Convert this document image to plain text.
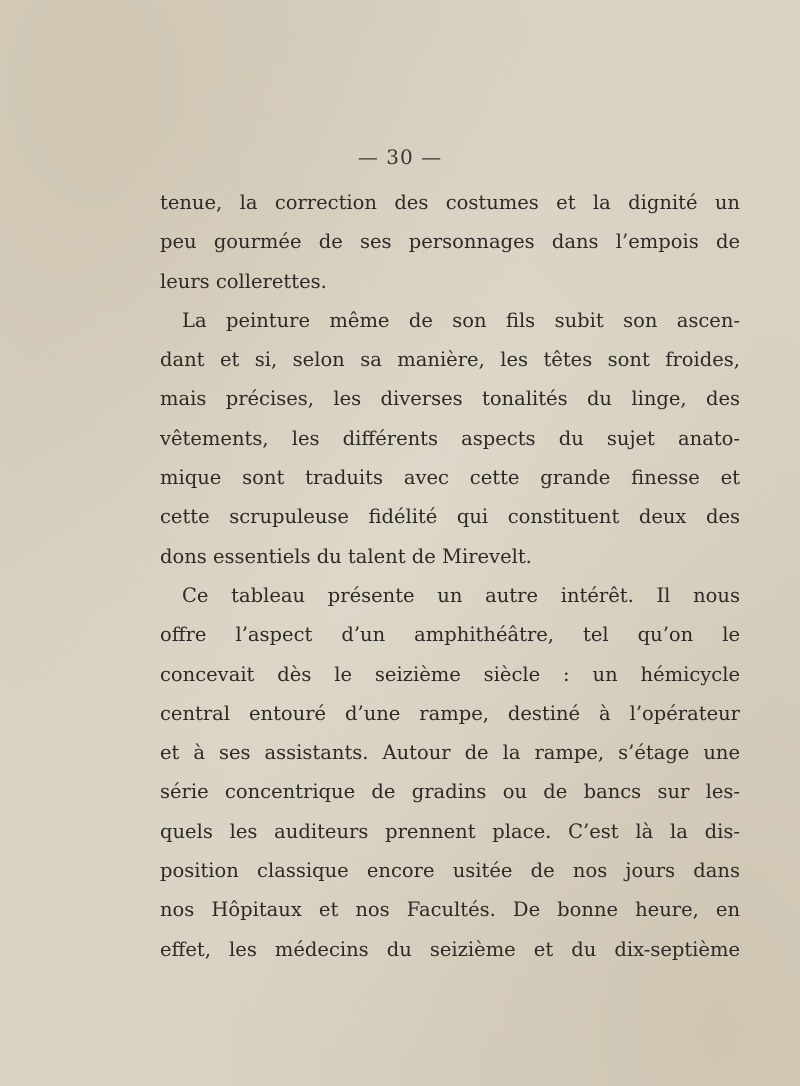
— 30 —
tenue, la correction des costumes et la dignité un
peu gourmée de ses personnages dans l’empois de
leurs collerettes.
La peinture même de son fils subit son ascen-
dant et si, selon sa manière, les têtes sont froides,
mais précises, les diverses tonalités du linge, des
vêtements, les différents aspects du sujet anato-
mique sont traduits avec cette grande finesse et
cette scrupuleuse fidélité qui constituent deux des
dons essentiels du talent de Mirevelt.
Ce tableau présente un autre intérêt. Il nous
offre l’aspect d’un amphithéâtre, tel qu’on le
concevait dès le seizième siècle : un hémicycle
central entouré d’une rampe, destiné à l’opérateur
et à ses assistants. Autour de la rampe, s’étage une
série concentrique de gradins ou de bancs sur les-
quels les auditeurs prennent place. C’est là la dis-
position classique encore usitée de nos jours dans
nos Hôpitaux et nos Facultés. De bonne heure, en
effet, les médecins du seizième et du dix-septième
